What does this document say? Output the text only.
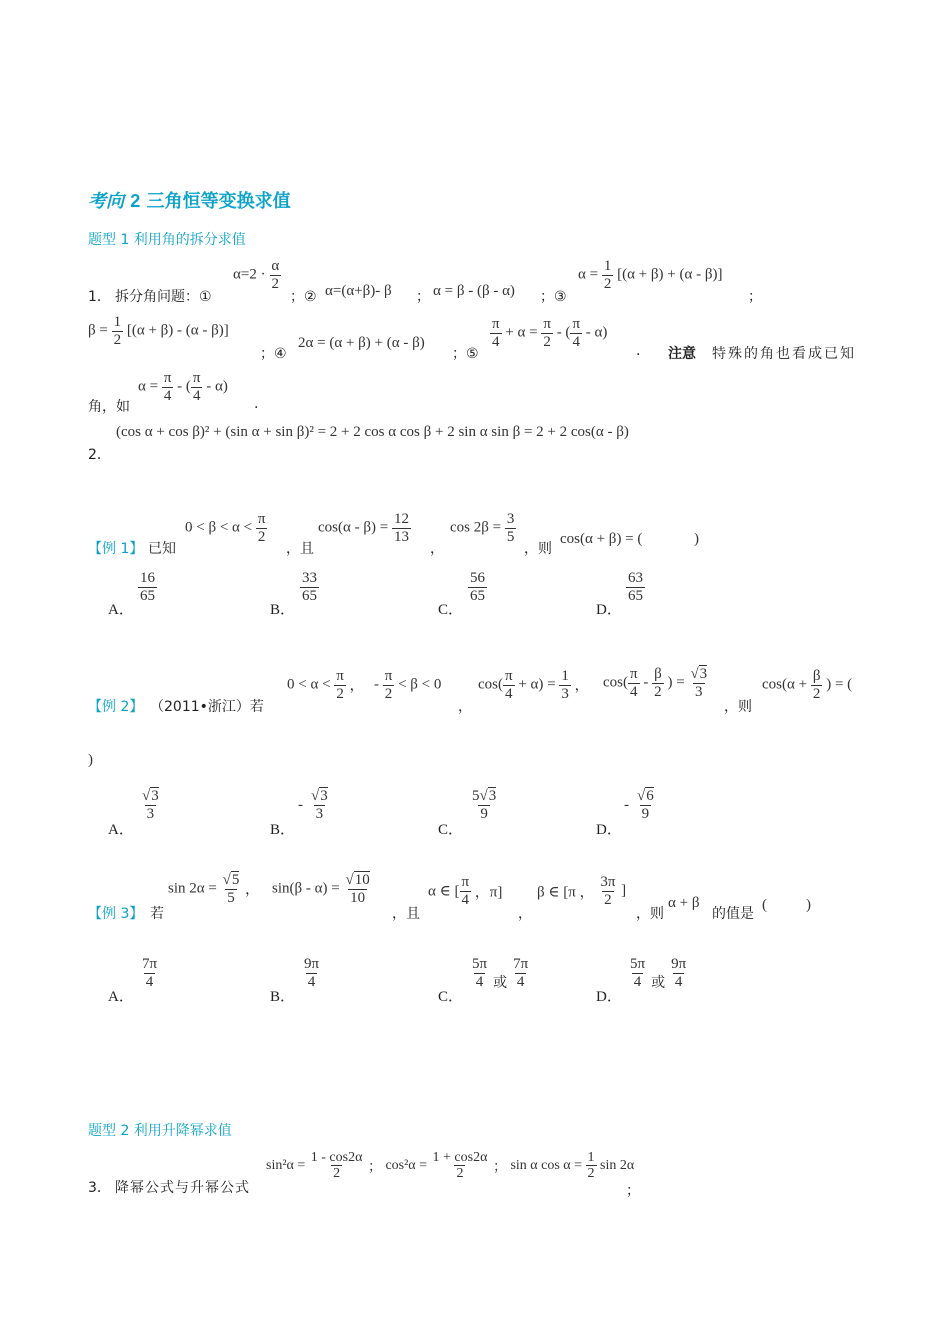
考向 2 三角恒等变换求值
题型 1 利用角的拆分求值
1． 拆分角问题：①
$\alpha=2 \cdot \frac{\alpha}{2}$
；② α=(α+β)- β ； α = β - (β - α) ；③
$\alpha = \frac{1}{2} [(\alpha + \beta) + (\alpha - \beta)]$
；
$\beta = \frac{1}{2} [(\alpha + \beta) - (\alpha - \beta)]$
；④
2α = (α + β) + (α - β)
；⑤
$\frac{\pi}{4} + \alpha = \frac{\pi}{2}$ - ( $\frac{\pi}{4} - \alpha$)
. 注意 特殊的角也看成已知
角，如
$\alpha = \frac{\pi}{4}$ - ( $\frac{\pi}{4} - \alpha$)
.
(cos α + cos β)² + (sin α + sin β)² = 2 + 2 cos α cos β + 2 sin α sin β = 2 + 2 cos(α - β)
2．
【例 1】 已知
$0 < \beta < \alpha < \frac{\pi}{2}$
，且
$\cos(\alpha - \beta) = \frac{12}{13}$
，
$\cos 2\beta = \frac{3}{5}$
，则
cos(α + β) = (	)
A．
$\frac{16}{65}$
B．
$\frac{33}{65}$
C．
$\frac{56}{65}$
D．
$\frac{63}{65}$
【例 2】 （2011•浙江）若
$0 < \alpha < \frac{\pi}{2}$ ， - $\frac{\pi}{2} < \beta < 0$
，
$\cos( \frac{\pi}{4} + \alpha) = \frac{1}{3}$ ， $\cos( \frac{\pi}{4} - \frac{\beta}{2}$ ) = $\frac{√3}{3}$
，则
$\cos(\alpha + \frac{\beta}{2}$ ) = (
)
A．
$\frac{√3}{3}$
B．
- $\frac{√3}{3}$
C．
$\frac{5√3}{9}$
D．
- $\frac{√6}{9}$
【例 3】 若
$\sin 2\alpha = \frac{√5}{5}$ ， $\sin(\beta - \alpha) = \frac{√10}{10}$
，且
α ∈ [ $\frac{\pi}{4}$ ，π]
，
β ∈ [π ， $\frac{3\pi}{2}$ ]
，则
α + β
的值是
(	)
A．
$\frac{7\pi}{4}$
B．
$\frac{9\pi}{4}$
C．
$\frac{5\pi}{4}$ 或 $\frac{7\pi}{4}$
D．
$\frac{5\pi}{4}$ 或 $\frac{9\pi}{4}$
题型 2 利用升降幂求值
3． 降幂公式与升幂公式
$\sin^2\alpha = \frac{1 - \cos 2\alpha}{2}$ ； $\cos^2\alpha = \frac{1 + \cos 2\alpha}{2}$ ； sin α $\cos \alpha = \frac{1}{2}$ sin 2α
；
